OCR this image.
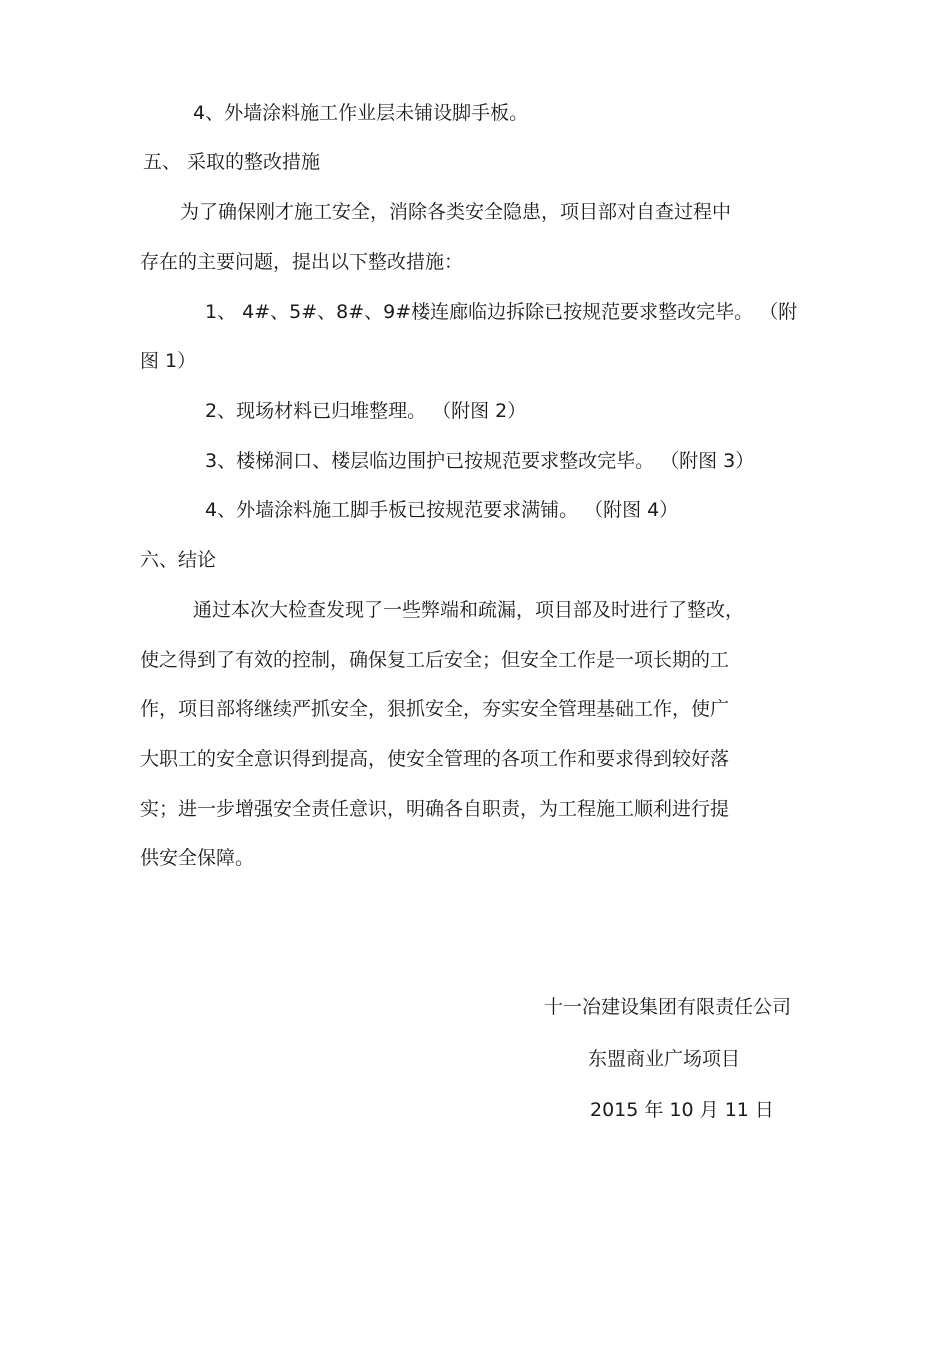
4、外墙涂料施工作业层未铺设脚手板。
五、 采取的整改措施
为了确保刚才施工安全，消除各类安全隐患，项目部对自查过程中
存在的主要问题，提出以下整改措施：
1、 4#、5#、8#、9#楼连廊临边拆除已按规范要求整改完毕。 （附
图 1）
2、现场材料已归堆整理。 （附图 2）
3、楼梯洞口、楼层临边围护已按规范要求整改完毕。 （附图 3）
4、外墙涂料施工脚手板已按规范要求满铺。 （附图 4）
六、结论
通过本次大检查发现了一些弊端和疏漏，项目部及时进行了整改，
使之得到了有效的控制，确保复工后安全；但安全工作是一项长期的工
作，项目部将继续严抓安全，狠抓安全，夯实安全管理基础工作，使广
大职工的安全意识得到提高，使安全管理的各项工作和要求得到较好落
实；进一步增强安全责任意识，明确各自职责，为工程施工顺利进行提
供安全保障。
十一冶建设集团有限责任公司
东盟商业广场项目
2015 年 10 月 11 日
